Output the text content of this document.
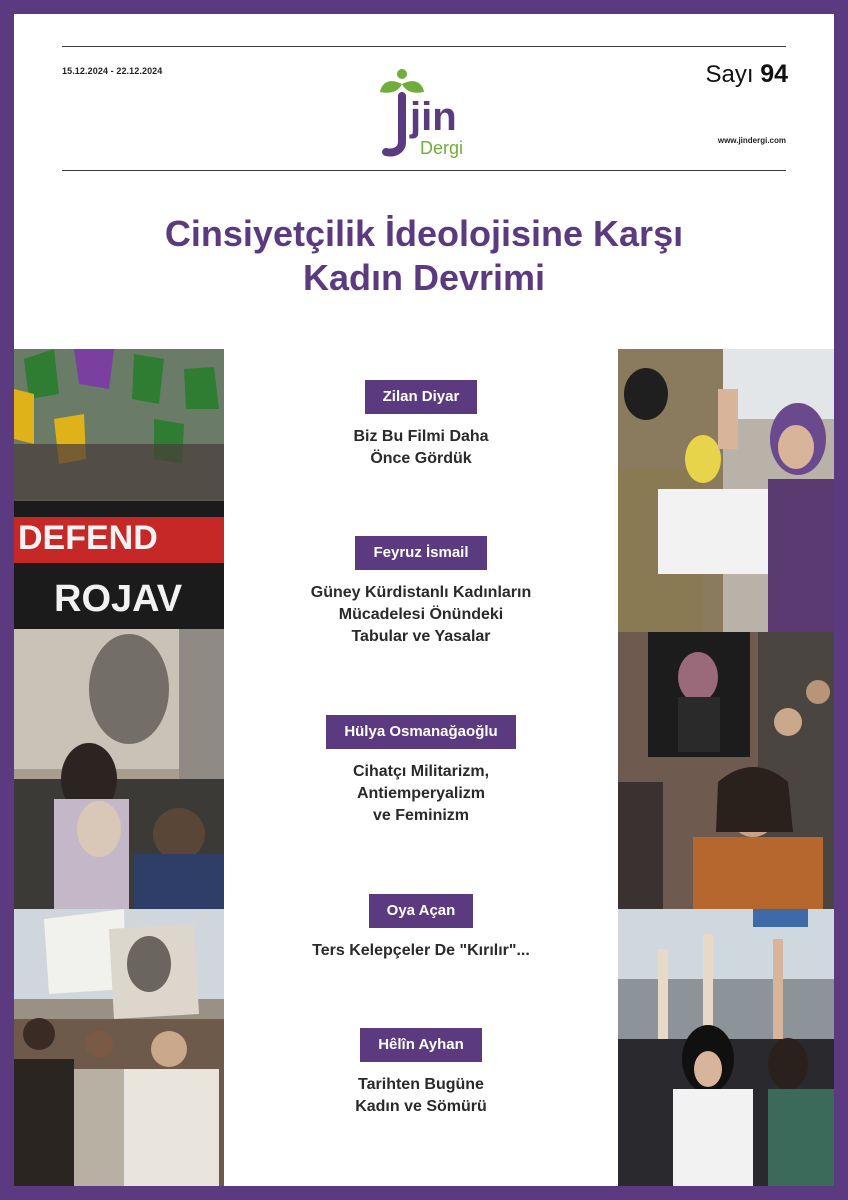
15.12.2024 - 22.12.2024
jin
Dergi
Sayı 94
www.jindergi.com
Cinsiyetçilik İdeolojisine Karşı
Kadın Devrimi
DEFEND
ROJAV
Zilan Diyar
Biz Bu Filmi Daha
Önce Gördük
Feyruz İsmail
Güney Kürdistanlı Kadınların
Mücadelesi Önündeki
Tabular ve Yasalar
Hülya Osmanağaoğlu
Cihatçı Militarizm,
Antiemperyalizm
ve Feminizm
Oya Açan
Ters Kelepçeler De "Kırılır"...
Hêlîn Ayhan
Tarihten Bugüne
Kadın ve Sömürü
